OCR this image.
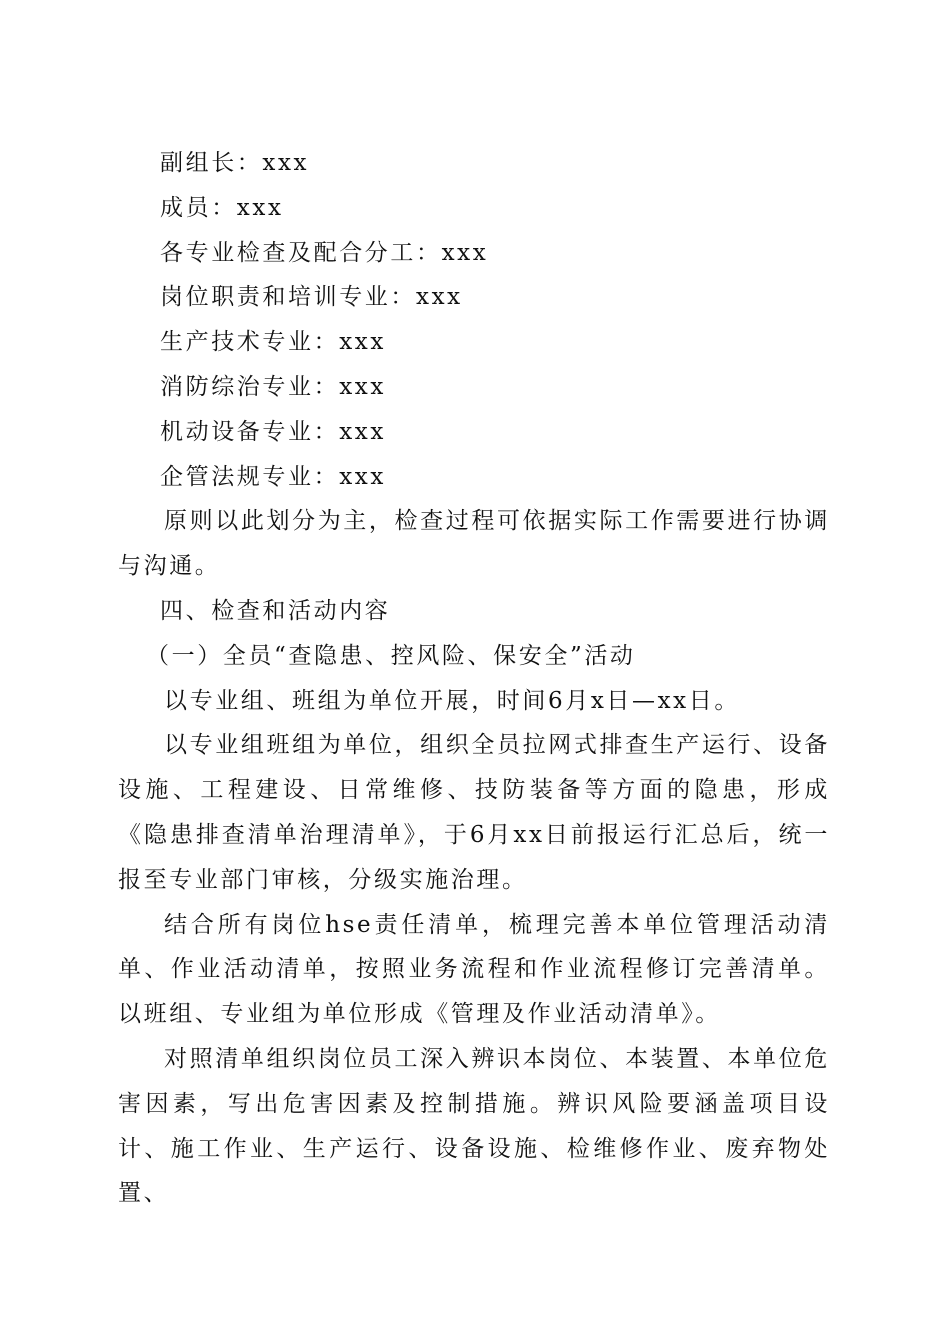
副组长：xxx
成员：xxx
各专业检查及配合分工：xxx
岗位职责和培训专业：xxx
生产技术专业：xxx
消防综治专业：xxx
机动设备专业：xxx
企管法规专业：xxx

原则以此划分为主，检查过程可依据实际工作需要进行协调与沟通。

四、检查和活动内容
（一）全员“查隐患、控风险、保安全”活动

以专业组、班组为单位开展，时间6月x日—xx日。

以专业组班组为单位，组织全员拉网式排查生产运行、设备设施、工程建设、日常维修、技防装备等方面的隐患，形成《隐患排查清单治理清单》，于6月xx日前报运行汇总后，统一报至专业部门审核，分级实施治理。

结合所有岗位hse责任清单，梳理完善本单位管理活动清单、作业活动清单，按照业务流程和作业流程修订完善清单。以班组、专业组为单位形成《管理及作业活动清单》。

对照清单组织岗位员工深入辨识本岗位、本装置、本单位危害因素，写出危害因素及控制措施。辨识风险要涵盖项目设计、施工作业、生产运行、设备设施、检维修作业、废弃物处置、
